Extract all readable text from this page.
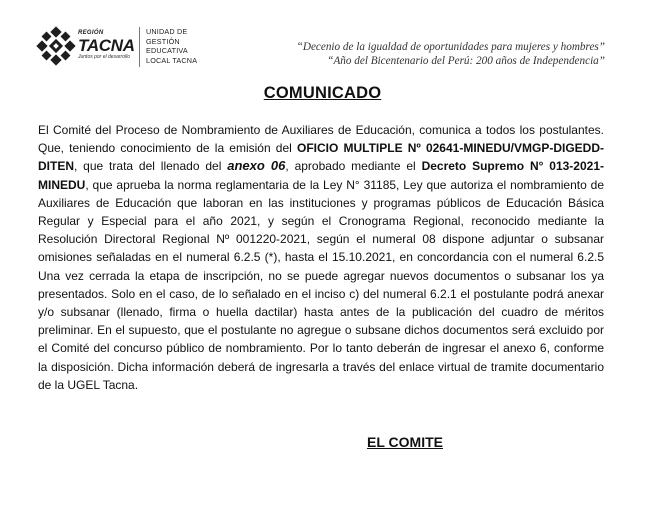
REGIÓN
TACNA
Juntos por el desarrollo
UNIDAD DE
GESTIÓN
EDUCATIVA
LOCAL TACNA
“Decenio de la igualdad de oportunidades para mujeres y hombres”
“Año del Bicentenario del Perú: 200 años de Independencia”
COMUNICADO
El Comité del Proceso de Nombramiento de Auxiliares de Educación, comunica a todos los postulantes. Que, teniendo conocimiento de la emisión del OFICIO MULTIPLE Nº 02641-MINEDU/VMGP-DIGEDD-DITEN, que trata del llenado del anexo 06, aprobado mediante el Decreto Supremo N° 013-2021-MINEDU, que aprueba la norma reglamentaria de la Ley N° 31185, Ley que autoriza el nombramiento de Auxiliares de Educación que laboran en las instituciones y programas públicos de Educación Básica Regular y Especial para el año 2021, y según el Cronograma Regional, reconocido mediante la Resolución Directoral Regional Nº 001220-2021, según el numeral 08 dispone adjuntar o subsanar omisiones señaladas en el numeral 6.2.5 (*), hasta el 15.10.2021, en concordancia con el numeral 6.2.5 Una vez cerrada la etapa de inscripción, no se puede agregar nuevos documentos o subsanar los ya presentados. Solo en el caso, de lo señalado en el inciso c) del numeral 6.2.1 el postulante podrá anexar y/o subsanar (llenado, firma o huella dactilar) hasta antes de la publicación del cuadro de méritos preliminar. En el supuesto, que el postulante no agregue o subsane dichos documentos será excluido por el Comité del concurso público de nombramiento. Por lo tanto deberán de ingresar el anexo 6, conforme la disposición. Dicha información deberá de ingresarla a través del enlace virtual de tramite documentario de la UGEL Tacna.
EL COMITE
